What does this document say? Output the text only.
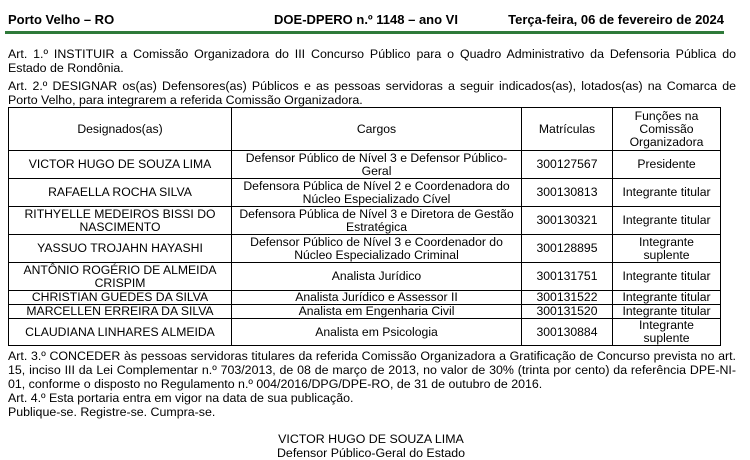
Porto Velho – RO	DOE-DPERO n.º 1148 – ano VI	Terça-feira, 06 de fevereiro de 2024
Art. 1.º INSTITUIR a Comissão Organizadora do III Concurso Público para o Quadro Administrativo da Defensoria Pública do Estado de Rondônia.
Art. 2.º DESIGNAR os(as) Defensores(as) Públicos e as pessoas servidoras a seguir indicados(as), lotados(as) na Comarca de Porto Velho, para integrarem a referida Comissão Organizadora.
Designados(as)	Cargos	Matrículas	Funções na Comissão Organizadora
VICTOR HUGO DE SOUZA LIMA	Defensor Público de Nível 3 e Defensor Público-Geral	300127567	Presidente
RAFAELLA ROCHA SILVA	Defensora Pública de Nível 2 e Coordenadora do Núcleo Especializado Cível	300130813	Integrante titular
RITHYELLE MEDEIROS BISSI DO NASCIMENTO	Defensora Pública de Nível 3 e Diretora de Gestão Estratégica	300130321	Integrante titular
YASSUO TROJAHN HAYASHI	Defensor Público de Nível 3 e Coordenador do Núcleo Especializado Criminal	300128895	Integrante suplente
ANTÔNIO ROGÉRIO DE ALMEIDA CRISPIM	Analista Jurídico	300131751	Integrante titular
CHRISTIAN GUEDES DA SILVA	Analista Jurídico e Assessor II	300131522	Integrante titular
MARCELLEN ERREIRA DA SILVA	Analista em Engenharia Civil	300131520	Integrante titular
CLAUDIANA LINHARES ALMEIDA	Analista em Psicologia	300130884	Integrante suplente
Art. 3.º CONCEDER às pessoas servidoras titulares da referida Comissão Organizadora a Gratificação de Concurso prevista no art. 15, inciso III da Lei Complementar n.º 703/2013, de 08 de março de 2013, no valor de 30% (trinta por cento) da referência DPE-NI-01, conforme o disposto no Regulamento n.º 004/2016/DPG/DPE-RO, de 31 de outubro de 2016.
Art. 4.º Esta portaria entra em vigor na data de sua publicação.
Publique-se. Registre-se. Cumpra-se.
VICTOR HUGO DE SOUZA LIMA
Defensor Público-Geral do Estado
